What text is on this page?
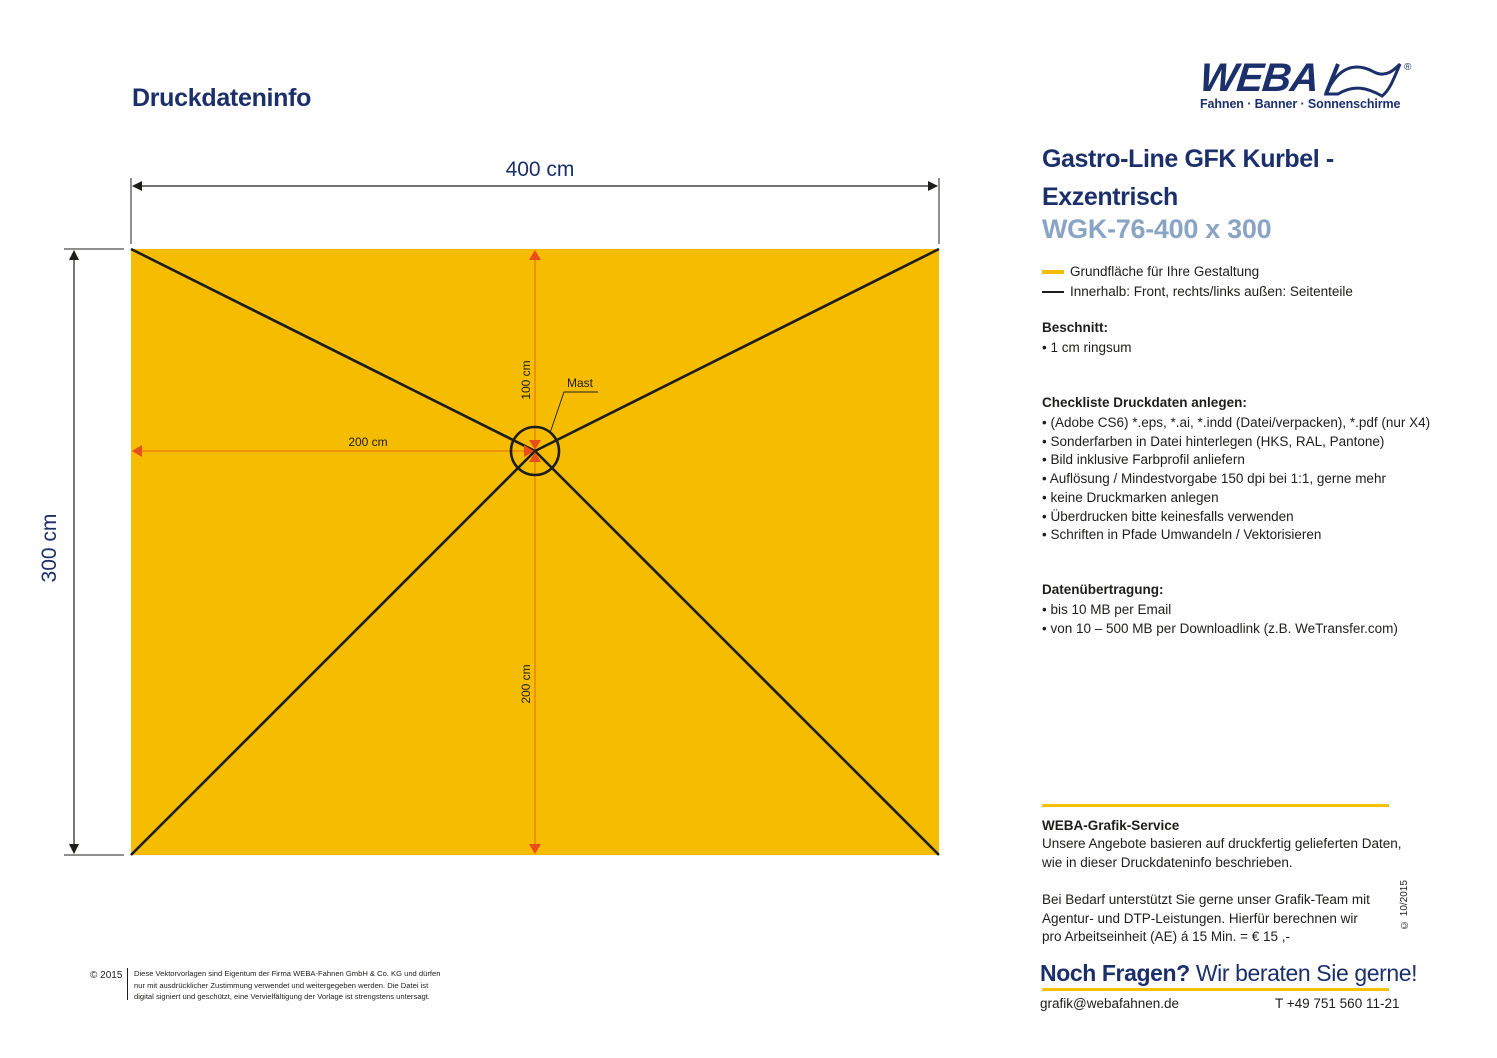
Druckdateninfo
400 cm
300 cm
200 cm
100 cm
200 cm
Mast
®
WEBA
Fahnen · Banner · Sonnenschirme
Gastro-Line GFK Kurbel - Exzentrisch
WGK-76-400 x 300
Grundfläche für Ihre Gestaltung
Innerhalb: Front, rechts/links außen: Seitenteile
Beschnitt:
• 1 cm ringsum
Checkliste Druckdaten anlegen:
• (Adobe CS6) *.eps, *.ai, *.indd (Datei/verpacken), *.pdf (nur X4)
• Sonderfarben in Datei hinterlegen (HKS, RAL, Pantone)
• Bild inklusive Farbprofil anliefern
• Auflösung / Mindestvorgabe 150 dpi bei 1:1, gerne mehr
• keine Druckmarken anlegen
• Überdrucken bitte keinesfalls verwenden
• Schriften in Pfade Umwandeln / Vektorisieren
Datenübertragung:
• bis 10 MB per Email
• von 10 – 500 MB per Downloadlink (z.B. WeTransfer.com)
WEBA-Grafik-Service
Unsere Angebote basieren auf druckfertig gelieferten Daten,
wie in dieser Druckdateninfo beschrieben.
Bei Bedarf unterstützt Sie gerne unser Grafik-Team mit
Agentur- und DTP-Leistungen. Hierfür berechnen wir
pro Arbeitseinheit (AE) á 15 Min. = € 15 ,-
© 10/2015
Noch Fragen? Wir beraten Sie gerne!
grafik@webafahnen.de	T +49 751 560 11-21
© 2015 Diese Vektorvorlagen sind Eigentum der Firma WEBA-Fahnen GmbH & Co. KG und dürfen
nur mit ausdrücklicher Zustimmung verwendet und weitergegeben werden. Die Datei ist
digital signiert und geschützt, eine Vervielfältigung der Vorlage ist strengstens untersagt.
